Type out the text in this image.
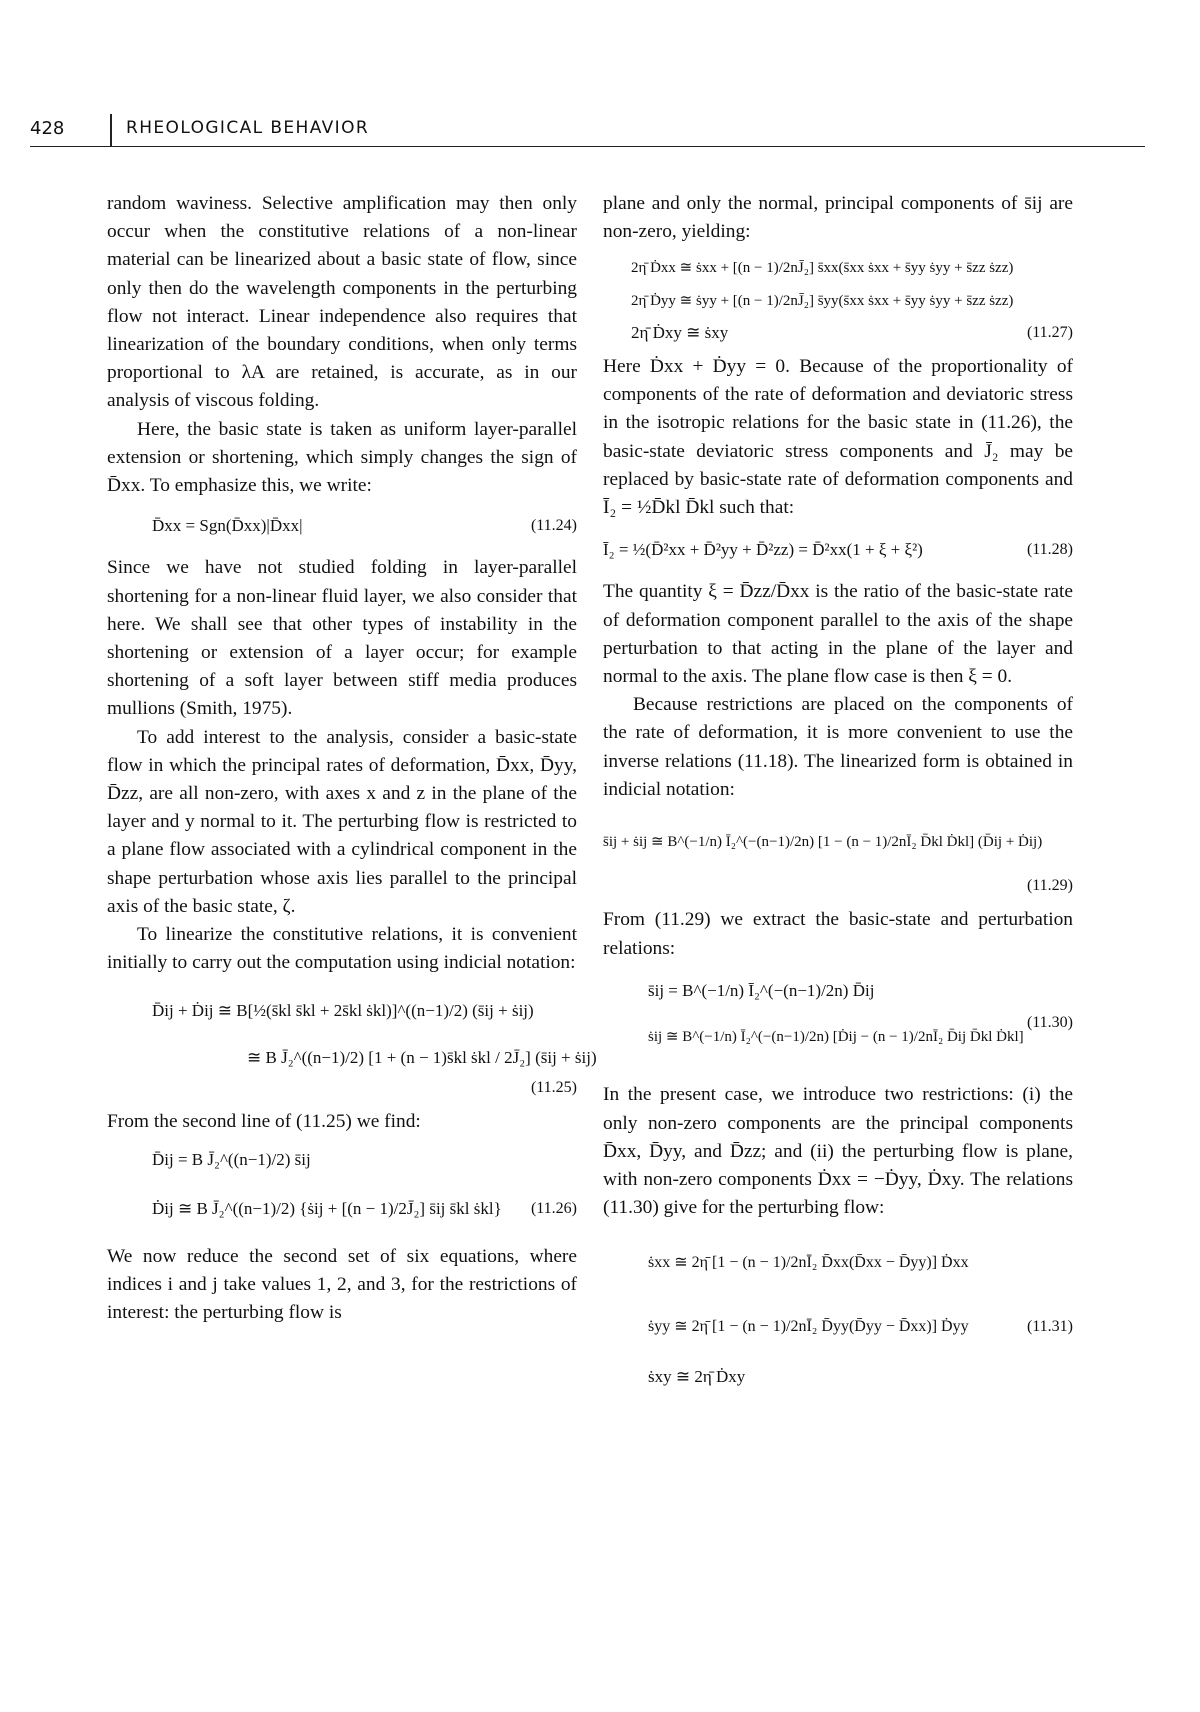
428	RHEOLOGICAL BEHAVIOR

random waviness. Selective amplification may then only occur when the constitutive relations of a non-linear material can be linearized about a basic state of flow, since only then do the wavelength components in the perturbing flow not interact. Linear independence also requires that linearization of the boundary conditions, when only terms proportional to λA are retained, is accurate, as in our analysis of viscous folding.

Here, the basic state is taken as uniform layer-parallel extension or shortening, which simply changes the sign of D̄xx. To emphasize this, we write:

D̄xx = Sgn(D̄xx)|D̄xx|	(11.24)

Since we have not studied folding in layer-parallel shortening for a non-linear fluid layer, we also consider that here. We shall see that other types of instability in the shortening or extension of a layer occur; for example shortening of a soft layer between stiff media produces mullions (Smith, 1975).

To add interest to the analysis, consider a basic-state flow in which the principal rates of deformation, D̄xx, D̄yy, D̄zz, are all non-zero, with axes x and z in the plane of the layer and y normal to it. The perturbing flow is restricted to a plane flow associated with a cylindrical component in the shape perturbation whose axis lies parallel to the principal axis of the basic state, ζ.

To linearize the constitutive relations, it is convenient initially to carry out the computation using indicial notation:

D̄ij + Ḋij ≅ B[½(s̄kl s̄kl + 2s̄kl ṡkl)]^((n−1)/2) (s̄ij + ṡij)
≅ B J̄₂^((n−1)/2) [1 + (n − 1)s̄kl ṡkl / 2J̄₂] (s̄ij + ṡij)
(11.25)

From the second line of (11.25) we find:

D̄ij = B J̄₂^((n−1)/2) s̄ij
Ḋij ≅ B J̄₂^((n−1)/2) {ṡij + [(n − 1)/2J̄₂] s̄ij s̄kl ṡkl}	(11.26)

We now reduce the second set of six equations, where indices i and j take values 1, 2, and 3, for the restrictions of interest: the perturbing flow is

plane and only the normal, principal components of s̄ij are non-zero, yielding:

2η̄ Ḋxx ≅ ṡxx + [(n − 1)/2nJ̄₂] s̄xx(s̄xx ṡxx + s̄yy ṡyy + s̄zz ṡzz)
2η̄ Ḋyy ≅ ṡyy + [(n − 1)/2nJ̄₂] s̄yy(s̄xx ṡxx + s̄yy ṡyy + s̄zz ṡzz)
2η̄ Ḋxy ≅ ṡxy	(11.27)

Here Ḋxx + Ḋyy = 0. Because of the proportionality of components of the rate of deformation and deviatoric stress in the isotropic relations for the basic state in (11.26), the basic-state deviatoric stress components and J̄₂ may be replaced by basic-state rate of deformation components and Ī₂ = ½D̄kl D̄kl such that:

Ī₂ = ½(D̄²xx + D̄²yy + D̄²zz) = D̄²xx(1 + ξ + ξ²)	(11.28)

The quantity ξ = D̄zz/D̄xx is the ratio of the basic-state rate of deformation component parallel to the axis of the shape perturbation to that acting in the plane of the layer and normal to the axis. The plane flow case is then ξ = 0.

Because restrictions are placed on the components of the rate of deformation, it is more convenient to use the inverse relations (11.18). The linearized form is obtained in indicial notation:

s̄ij + ṡij ≅ B^(−1/n) Ī₂^(−(n−1)/2n) [1 − (n − 1)/2nĪ₂ D̄kl Ḋkl] (D̄ij + Ḋij)
(11.29)

From (11.29) we extract the basic-state and perturbation relations:

s̄ij = B^(−1/n) Ī₂^(−(n−1)/2n) D̄ij
ṡij ≅ B^(−1/n) Ī₂^(−(n−1)/2n) [Ḋij − (n − 1)/2nĪ₂ D̄ij D̄kl Ḋkl]
(11.30)

In the present case, we introduce two restrictions: (i) the only non-zero components are the principal components D̄xx, D̄yy, and D̄zz; and (ii) the perturbing flow is plane, with non-zero components Ḋxx = −Ḋyy, Ḋxy. The relations (11.30) give for the perturbing flow:

ṡxx ≅ 2η̄ [1 − (n − 1)/2nĪ₂ D̄xx(D̄xx − D̄yy)] Ḋxx
ṡyy ≅ 2η̄ [1 − (n − 1)/2nĪ₂ D̄yy(D̄yy − D̄xx)] Ḋyy	(11.31)
ṡxy ≅ 2η̄ Ḋxy
